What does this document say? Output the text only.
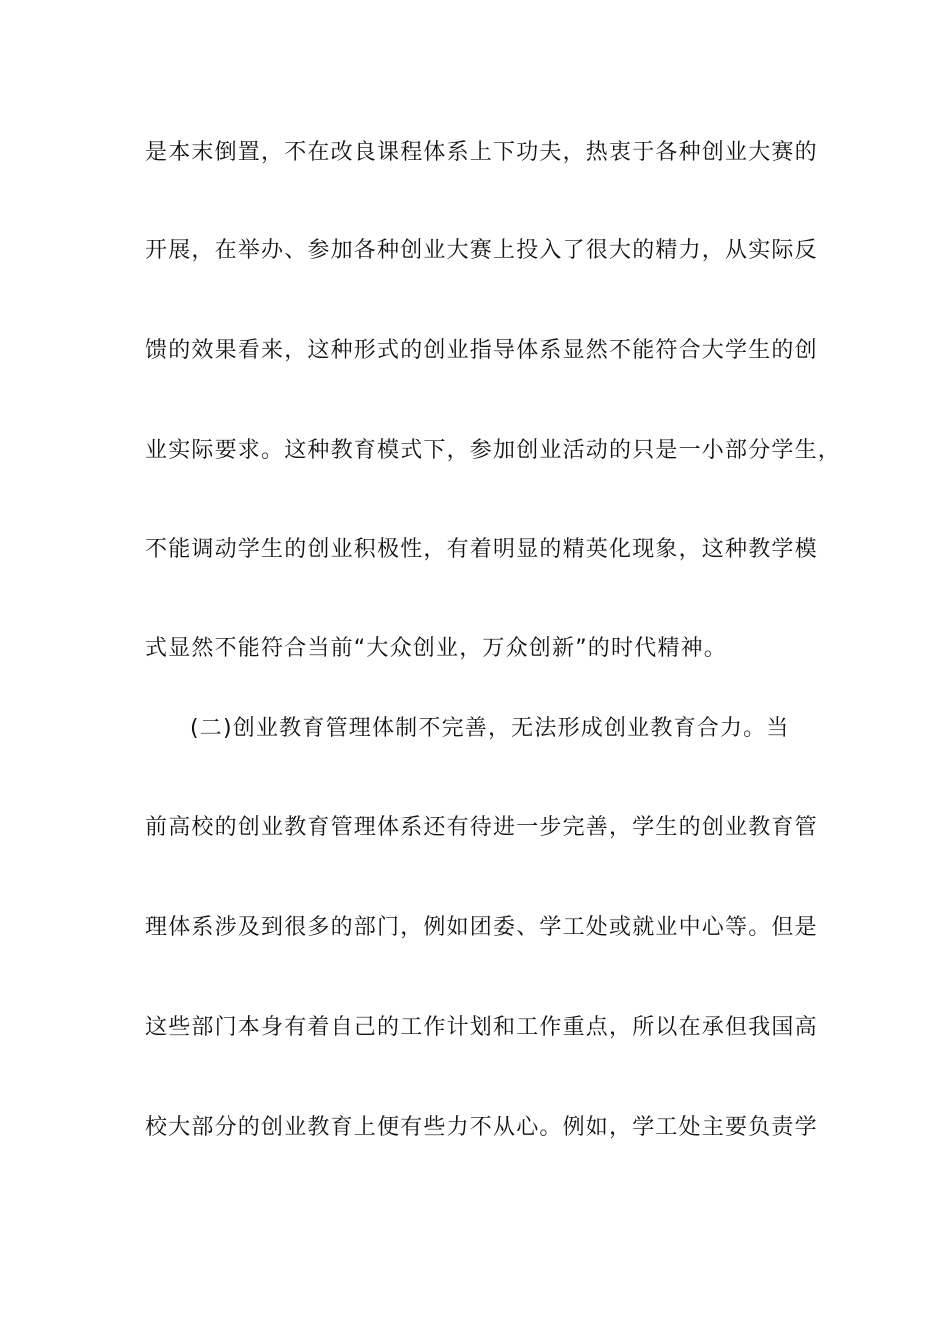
是本末倒置，不在改良课程体系上下功夫，热衷于各种创业大赛的
开展，在举办、参加各种创业大赛上投入了很大的精力，从实际反
馈的效果看来，这种形式的创业指导体系显然不能符合大学生的创
业实际要求。这种教育模式下，参加创业活动的只是一小部分学生，
不能调动学生的创业积极性，有着明显的精英化现象，这种教学模
式显然不能符合当前“大众创业，万众创新”的时代精神。
(二)创业教育管理体制不完善，无法形成创业教育合力。当
前高校的创业教育管理体系还有待进一步完善，学生的创业教育管
理体系涉及到很多的部门，例如团委、学工处或就业中心等。但是
这些部门本身有着自己的工作计划和工作重点，所以在承但我国高
校大部分的创业教育上便有些力不从心。例如，学工处主要负责学
